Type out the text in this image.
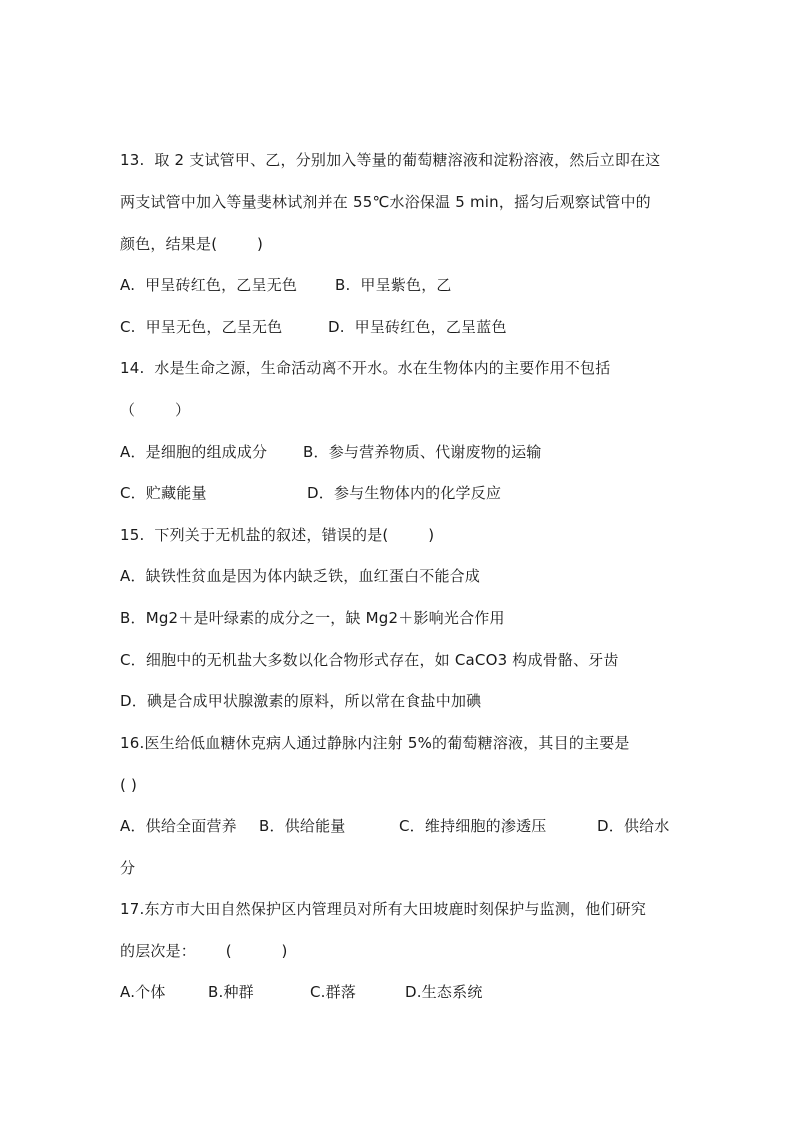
13.  取 2 支试管甲、乙，分别加入等量的葡萄糖溶液和淀粉溶液，然后立即在这
两支试管中加入等量斐林试剂并在 55℃水浴保温 5 min，摇匀后观察试管中的
颜色，结果是(        )

A.  甲呈砖红色，乙呈无色

	B.  甲呈紫色，乙

C.  甲呈无色，乙呈无色

	D.  甲呈砖红色，乙呈蓝色

14.  水是生命之源，生命活动离不开水。水在生物体内的主要作用不包括
（        ）

A．是细胞的组成成分

B．参与营养物质、代谢废物的运输

C．贮藏能量

	D．参与生物体内的化学反应

15.  下列关于无机盐的叙述，错误的是(        )
A．缺铁性贫血是因为体内缺乏铁，血红蛋白不能合成
B．Mg2＋是叶绿素的成分之一，缺 Mg2＋影响光合作用
C．细胞中的无机盐大多数以化合物形式存在，如 CaCO3 构成骨骼、牙齿
D．碘是合成甲状腺激素的原料，所以常在食盐中加碘
16.医生给低血糖休克病人通过静脉内注射 5%的葡萄糖溶液，其目的主要是
( )

A．供给全面营养

B．供给能量

	C．维持细胞的渗透压

	D．供给水

分
17.东方市大田自然保护区内管理员对所有大田坡鹿时刻保护与监测，他们研究
的层次是：      (          )

A.个体

	B.种群

	C.群落

	D.生态系统
